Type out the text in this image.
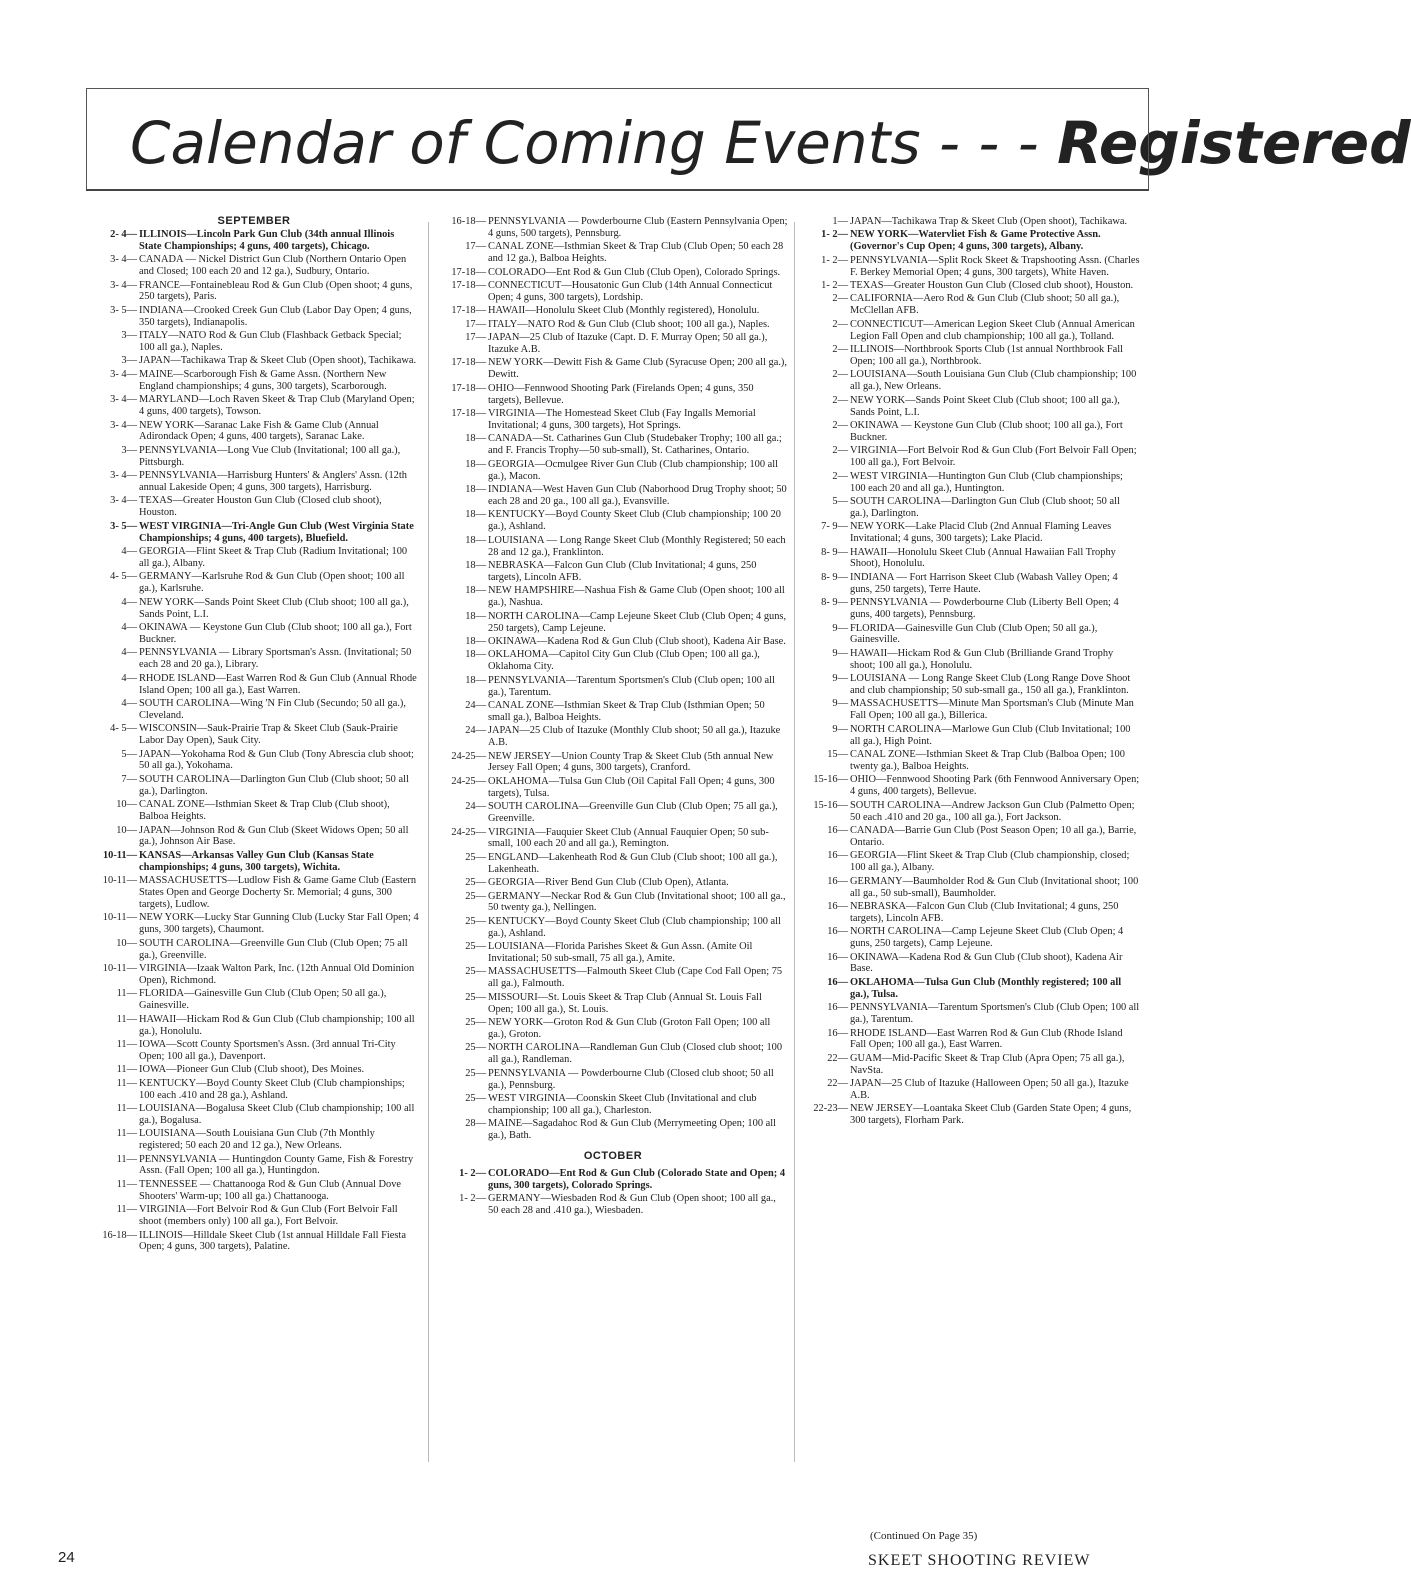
Calendar of Coming Events - - - Registered
SEPTEMBER
2- 4— ILLINOIS—Lincoln Park Gun Club (34th annual Illinois State Championships; 4 guns, 400 targets), Chicago.
3- 4— CANADA — Nickel District Gun Club (Northern Ontario Open and Closed; 100 each 20 and 12 ga.), Sudbury, Ontario.
3- 4— FRANCE—Fontainebleau Rod & Gun Club (Open shoot; 4 guns, 250 targets), Paris.
3- 5— INDIANA—Crooked Creek Gun Club (Labor Day Open; 4 guns, 350 targets), Indianapolis.
3— ITALY—NATO Rod & Gun Club (Flashback Getback Special; 100 all ga.), Naples.
3— JAPAN—Tachikawa Trap & Skeet Club (Open shoot), Tachikawa.
3- 4— MAINE—Scarborough Fish & Game Assn. (Northern New England championships; 4 guns, 300 targets), Scarborough.
3- 4— MARYLAND—Loch Raven Skeet & Trap Club (Maryland Open; 4 guns, 400 targets), Towson.
3- 4— NEW YORK—Saranac Lake Fish & Game Club (Annual Adirondack Open; 4 guns, 400 targets), Saranac Lake.
3— PENNSYLVANIA—Long Vue Club (Invitational; 100 all ga.), Pittsburgh.
3- 4— PENNSYLVANIA—Harrisburg Hunters' & Anglers' Assn. (12th annual Lakeside Open; 4 guns, 300 targets), Harrisburg.
3- 4— TEXAS—Greater Houston Gun Club (Closed club shoot), Houston.
3- 5— WEST VIRGINIA—Tri-Angle Gun Club (West Virginia State Championships; 4 guns, 400 targets), Bluefield.
4— GEORGIA—Flint Skeet & Trap Club (Radium Invitational; 100 all ga.), Albany.
4- 5— GERMANY—Karlsruhe Rod & Gun Club (Open shoot; 100 all ga.), Karlsruhe.
4— NEW YORK—Sands Point Skeet Club (Club shoot; 100 all ga.), Sands Point, L.I.
4— OKINAWA — Keystone Gun Club (Club shoot; 100 all ga.), Fort Buckner.
4— PENNSYLVANIA — Library Sportsman's Assn. (Invitational; 50 each 28 and 20 ga.), Library.
4— RHODE ISLAND—East Warren Rod & Gun Club (Annual Rhode Island Open; 100 all ga.), East Warren.
4— SOUTH CAROLINA—Wing 'N Fin Club (Secundo; 50 all ga.), Cleveland.
4- 5— WISCONSIN—Sauk-Prairie Trap & Skeet Club (Sauk-Prairie Labor Day Open), Sauk City.
5— JAPAN—Yokohama Rod & Gun Club (Tony Abrescia club shoot; 50 all ga.), Yokohama.
7— SOUTH CAROLINA—Darlington Gun Club (Club shoot; 50 all ga.), Darlington.
10— CANAL ZONE—Isthmian Skeet & Trap Club (Club shoot), Balboa Heights.
10— JAPAN—Johnson Rod & Gun Club (Skeet Widows Open; 50 all ga.), Johnson Air Base.
10-11— KANSAS—Arkansas Valley Gun Club (Kansas State championships; 4 guns, 300 targets), Wichita.
10-11— MASSACHUSETTS—Ludlow Fish & Game Game Club (Eastern States Open and George Docherty Sr. Memorial; 4 guns, 300 targets), Ludlow.
10-11— NEW YORK—Lucky Star Gunning Club (Lucky Star Fall Open; 4 guns, 300 targets), Chaumont.
10— SOUTH CAROLINA—Greenville Gun Club (Club Open; 75 all ga.), Greenville.
10-11— VIRGINIA—Izaak Walton Park, Inc. (12th Annual Old Dominion Open), Richmond.
11— FLORIDA—Gainesville Gun Club (Club Open; 50 all ga.), Gainesville.
11— HAWAII—Hickam Rod & Gun Club (Club championship; 100 all ga.), Honolulu.
11— IOWA—Scott County Sportsmen's Assn. (3rd annual Tri-City Open; 100 all ga.), Davenport.
11— IOWA—Pioneer Gun Club (Club shoot), Des Moines.
11— KENTUCKY—Boyd County Skeet Club (Club championships; 100 each .410 and 28 ga.), Ashland.
11— LOUISIANA—Bogalusa Skeet Club (Club championship; 100 all ga.), Bogalusa.
11— LOUISIANA—South Louisiana Gun Club (7th Monthly registered; 50 each 20 and 12 ga.), New Orleans.
11— PENNSYLVANIA — Huntingdon County Game, Fish & Forestry Assn. (Fall Open; 100 all ga.), Huntingdon.
11— TENNESSEE — Chattanooga Rod & Gun Club (Annual Dove Shooters' Warm-up; 100 all ga.) Chattanooga.
11— VIRGINIA—Fort Belvoir Rod & Gun Club (Fort Belvoir Fall shoot (members only) 100 all ga.), Fort Belvoir.
16-18— ILLINOIS—Hilldale Skeet Club (1st annual Hilldale Fall Fiesta Open; 4 guns, 300 targets), Palatine.
16-18— PENNSYLVANIA — Powderbourne Club (Eastern Pennsylvania Open; 4 guns, 500 targets), Pennsburg.
17— CANAL ZONE—Isthmian Skeet & Trap Club (Club Open; 50 each 28 and 12 ga.), Balboa Heights.
17-18— COLORADO—Ent Rod & Gun Club (Club Open), Colorado Springs.
17-18— CONNECTICUT—Housatonic Gun Club (14th Annual Connecticut Open; 4 guns, 300 targets), Lordship.
17-18— HAWAII—Honolulu Skeet Club (Monthly registered), Honolulu.
17— ITALY—NATO Rod & Gun Club (Club shoot; 100 all ga.), Naples.
17— JAPAN—25 Club of Itazuke (Capt. D. F. Murray Open; 50 all ga.), Itazuke A.B.
17-18— NEW YORK—Dewitt Fish & Game Club (Syracuse Open; 200 all ga.), Dewitt.
17-18— OHIO—Fennwood Shooting Park (Firelands Open; 4 guns, 350 targets), Bellevue.
17-18— VIRGINIA—The Homestead Skeet Club (Fay Ingalls Memorial Invitational; 4 guns, 300 targets), Hot Springs.
18— CANADA—St. Catharines Gun Club (Studebaker Trophy; 100 all ga.; and F. Francis Trophy—50 sub-small), St. Catharines, Ontario.
18— GEORGIA—Ocmulgee River Gun Club (Club championship; 100 all ga.), Macon.
18— INDIANA—West Haven Gun Club (Naborhood Drug Trophy shoot; 50 each 28 and 20 ga., 100 all ga.), Evansville.
18— KENTUCKY—Boyd County Skeet Club (Club championship; 100 20 ga.), Ashland.
18— LOUISIANA — Long Range Skeet Club (Monthly Registered; 50 each 28 and 12 ga.), Franklinton.
18— NEBRASKA—Falcon Gun Club (Club Invitational; 4 guns, 250 targets), Lincoln AFB.
18— NEW HAMPSHIRE—Nashua Fish & Game Club (Open shoot; 100 all ga.), Nashua.
18— NORTH CAROLINA—Camp Lejeune Skeet Club (Club Open; 4 guns, 250 targets), Camp Lejeune.
18— OKINAWA—Kadena Rod & Gun Club (Club shoot), Kadena Air Base.
18— OKLAHOMA—Capitol City Gun Club (Club Open; 100 all ga.), Oklahoma City.
18— PENNSYLVANIA—Tarentum Sportsmen's Club (Club open; 100 all ga.), Tarentum.
24— CANAL ZONE—Isthmian Skeet & Trap Club (Isthmian Open; 50 small ga.), Balboa Heights.
24— JAPAN—25 Club of Itazuke (Monthly Club shoot; 50 all ga.), Itazuke A.B.
24-25— NEW JERSEY—Union County Trap & Skeet Club (5th annual New Jersey Fall Open; 4 guns, 300 targets), Cranford.
24-25— OKLAHOMA—Tulsa Gun Club (Oil Capital Fall Open; 4 guns, 300 targets), Tulsa.
24— SOUTH CAROLINA—Greenville Gun Club (Club Open; 75 all ga.), Greenville.
24-25— VIRGINIA—Fauquier Skeet Club (Annual Fauquier Open; 50 sub-small, 100 each 20 and all ga.), Remington.
25— ENGLAND—Lakenheath Rod & Gun Club (Club shoot; 100 all ga.), Lakenheath.
25— GEORGIA—River Bend Gun Club (Club Open), Atlanta.
25— GERMANY—Neckar Rod & Gun Club (Invitational shoot; 100 all ga., 50 twenty ga.), Nellingen.
25— KENTUCKY—Boyd County Skeet Club (Club championship; 100 all ga.), Ashland.
25— LOUISIANA—Florida Parishes Skeet & Gun Assn. (Amite Oil Invitational; 50 sub-small, 75 all ga.), Amite.
25— MASSACHUSETTS—Falmouth Skeet Club (Cape Cod Fall Open; 75 all ga.), Falmouth.
25— MISSOURI—St. Louis Skeet & Trap Club (Annual St. Louis Fall Open; 100 all ga.), St. Louis.
25— NEW YORK—Groton Rod & Gun Club (Groton Fall Open; 100 all ga.), Groton.
25— NORTH CAROLINA—Randleman Gun Club (Closed club shoot; 100 all ga.), Randleman.
25— PENNSYLVANIA — Powderbourne Club (Closed club shoot; 50 all ga.), Pennsburg.
25— WEST VIRGINIA—Coonskin Skeet Club (Invitational and club championship; 100 all ga.), Charleston.
28— MAINE—Sagadahoc Rod & Gun Club (Merrymeeting Open; 100 all ga.), Bath.
OCTOBER
1- 2— COLORADO—Ent Rod & Gun Club (Colorado State and Open; 4 guns, 300 targets), Colorado Springs.
1- 2— GERMANY—Wiesbaden Rod & Gun Club (Open shoot; 100 all ga., 50 each 28 and .410 ga.), Wiesbaden.
1— JAPAN—Tachikawa Trap & Skeet Club (Open shoot), Tachikawa.
1- 2— NEW YORK—Watervliet Fish & Game Protective Assn. (Governor's Cup Open; 4 guns, 300 targets), Albany.
1- 2— PENNSYLVANIA—Split Rock Skeet & Trapshooting Assn. (Charles F. Berkey Memorial Open; 4 guns, 300 targets), White Haven.
1- 2— TEXAS—Greater Houston Gun Club (Closed club shoot), Houston.
2— CALIFORNIA—Aero Rod & Gun Club (Club shoot; 50 all ga.), McClellan AFB.
2— CONNECTICUT—American Legion Skeet Club (Annual American Legion Fall Open and club championship; 100 all ga.), Tolland.
2— ILLINOIS—Northbrook Sports Club (1st annual Northbrook Fall Open; 100 all ga.), Northbrook.
2— LOUISIANA—South Louisiana Gun Club (Club championship; 100 all ga.), New Orleans.
2— NEW YORK—Sands Point Skeet Club (Club shoot; 100 all ga.), Sands Point, L.I.
2— OKINAWA — Keystone Gun Club (Club shoot; 100 all ga.), Fort Buckner.
2— VIRGINIA—Fort Belvoir Rod & Gun Club (Fort Belvoir Fall Open; 100 all ga.), Fort Belvoir.
2— WEST VIRGINIA—Huntington Gun Club (Club championships; 100 each 20 and all ga.), Huntington.
5— SOUTH CAROLINA—Darlington Gun Club (Club shoot; 50 all ga.), Darlington.
7- 9— NEW YORK—Lake Placid Club (2nd Annual Flaming Leaves Invitational; 4 guns, 300 targets); Lake Placid.
8- 9— HAWAII—Honolulu Skeet Club (Annual Hawaiian Fall Trophy Shoot), Honolulu.
8- 9— INDIANA — Fort Harrison Skeet Club (Wabash Valley Open; 4 guns, 250 targets), Terre Haute.
8- 9— PENNSYLVANIA — Powderbourne Club (Liberty Bell Open; 4 guns, 400 targets), Pennsburg.
9— FLORIDA—Gainesville Gun Club (Club Open; 50 all ga.), Gainesville.
9— HAWAII—Hickam Rod & Gun Club (Brilliande Grand Trophy shoot; 100 all ga.), Honolulu.
9— LOUISIANA — Long Range Skeet Club (Long Range Dove Shoot and club championship; 50 sub-small ga., 150 all ga.), Franklinton.
9— MASSACHUSETTS—Minute Man Sportsman's Club (Minute Man Fall Open; 100 all ga.), Billerica.
9— NORTH CAROLINA—Marlowe Gun Club (Club Invitational; 100 all ga.), High Point.
15— CANAL ZONE—Isthmian Skeet & Trap Club (Balboa Open; 100 twenty ga.), Balboa Heights.
15-16— OHIO—Fennwood Shooting Park (6th Fennwood Anniversary Open; 4 guns, 400 targets), Bellevue.
15-16— SOUTH CAROLINA—Andrew Jackson Gun Club (Palmetto Open; 50 each .410 and 20 ga., 100 all ga.), Fort Jackson.
16— CANADA—Barrie Gun Club (Post Season Open; 10 all ga.), Barrie, Ontario.
16— GEORGIA—Flint Skeet & Trap Club (Club championship, closed; 100 all ga.), Albany.
16— GERMANY—Baumholder Rod & Gun Club (Invitational shoot; 100 all ga., 50 sub-small), Baumholder.
16— NEBRASKA—Falcon Gun Club (Club Invitational; 4 guns, 250 targets), Lincoln AFB.
16— NORTH CAROLINA—Camp Lejeune Skeet Club (Club Open; 4 guns, 250 targets), Camp Lejeune.
16— OKINAWA—Kadena Rod & Gun Club (Club shoot), Kadena Air Base.
16— OKLAHOMA—Tulsa Gun Club (Monthly registered; 100 all ga.), Tulsa.
16— PENNSYLVANIA—Tarentum Sportsmen's Club (Club Open; 100 all ga.), Tarentum.
16— RHODE ISLAND—East Warren Rod & Gun Club (Rhode Island Fall Open; 100 all ga.), East Warren.
22— GUAM—Mid-Pacific Skeet & Trap Club (Apra Open; 75 all ga.), NavSta.
22— JAPAN—25 Club of Itazuke (Halloween Open; 50 all ga.), Itazuke A.B.
22-23— NEW JERSEY—Loantaka Skeet Club (Garden State Open; 4 guns, 300 targets), Florham Park.
(Continued On Page 35)
24	SKEET SHOOTING REVIEW
